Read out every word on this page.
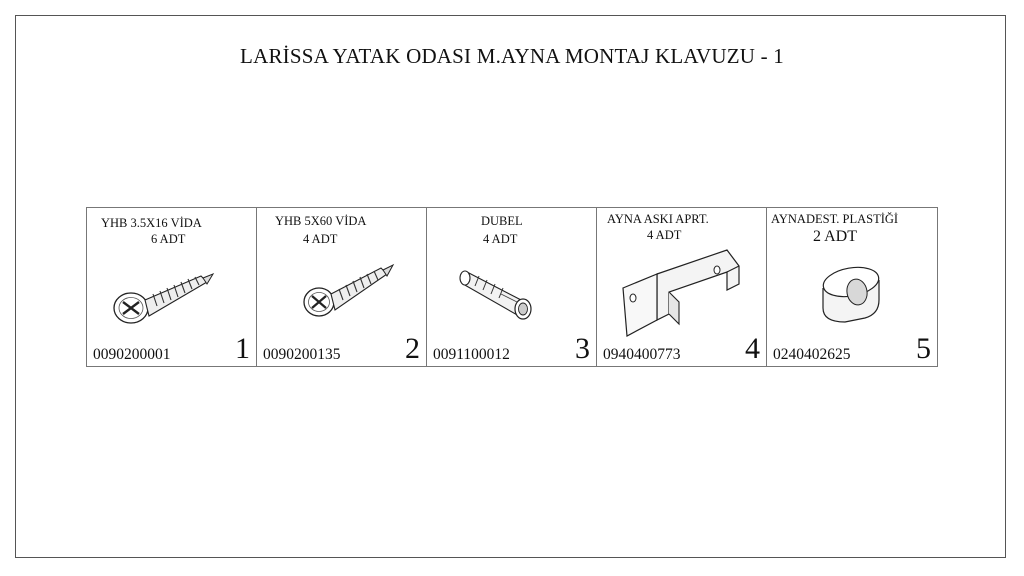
LARİSSA YATAK ODASI M.AYNA MONTAJ KLAVUZU - 1
YHB 3.5X16 VİDA
6 ADT
0090200001 1
YHB 5X60 VİDA
4 ADT
0090200135 2
DUBEL
4 ADT
0091100012 3
AYNA ASKI APRT.
4 ADT
0940400773 4
AYNADEST. PLASTİĞİ
2 ADT
0240402625 5
